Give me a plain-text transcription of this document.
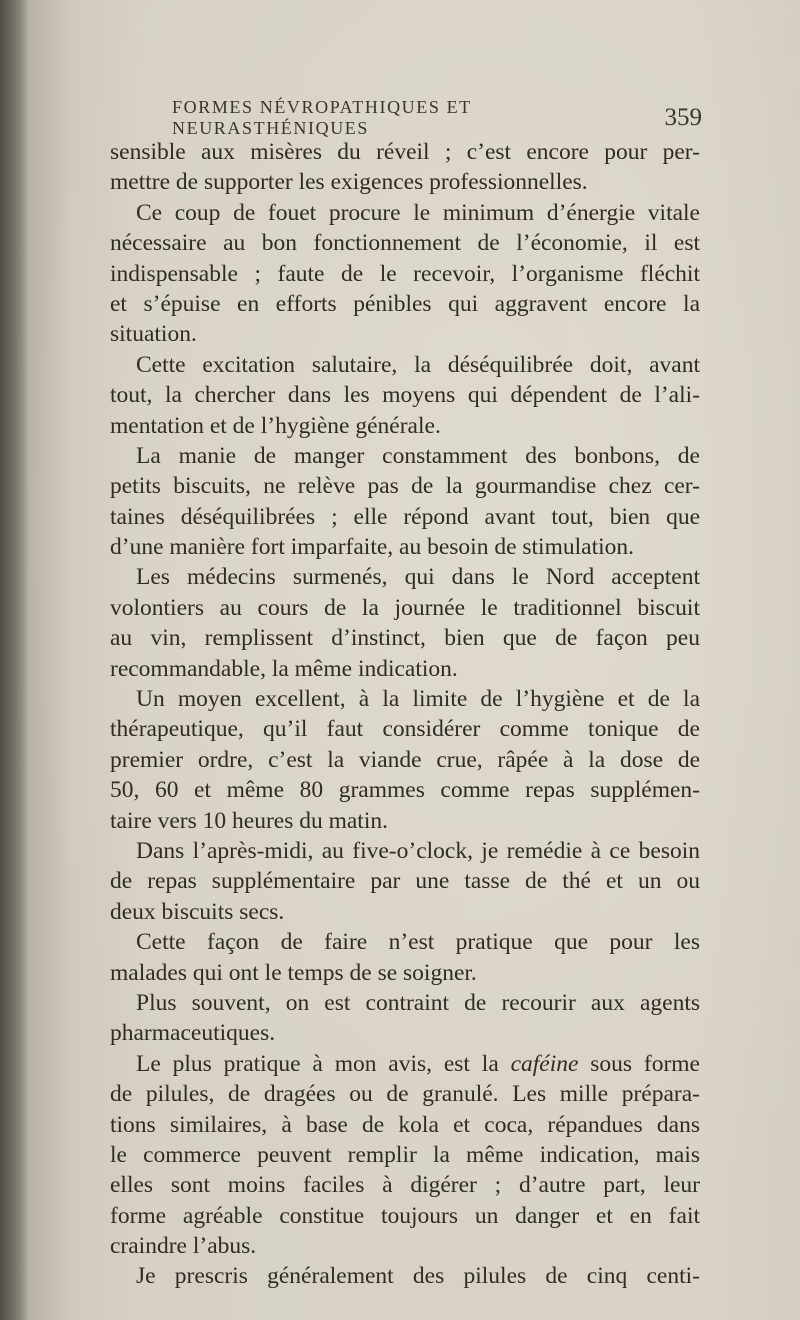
FORMES NÉVROPATHIQUES ET NEURASTHÉNIQUES	359
sensible aux misères du réveil ; c’est encore pour per-
mettre de supporter les exigences professionnelles.
Ce coup de fouet procure le minimum d’énergie vitale
nécessaire au bon fonctionnement de l’économie, il est
indispensable ; faute de le recevoir, l’organisme fléchit
et s’épuise en efforts pénibles qui aggravent encore la
situation.
Cette excitation salutaire, la déséquilibrée doit, avant
tout, la chercher dans les moyens qui dépendent de l’ali-
mentation et de l’hygiène générale.
La manie de manger constamment des bonbons, de
petits biscuits, ne relève pas de la gourmandise chez cer-
taines déséquilibrées ; elle répond avant tout, bien que
d’une manière fort imparfaite, au besoin de stimulation.
Les médecins surmenés, qui dans le Nord acceptent
volontiers au cours de la journée le traditionnel biscuit
au vin, remplissent d’instinct, bien que de façon peu
recommandable, la même indication.
Un moyen excellent, à la limite de l’hygiène et de la
thérapeutique, qu’il faut considérer comme tonique de
premier ordre, c’est la viande crue, râpée à la dose de
50, 60 et même 80 grammes comme repas supplémen-
taire vers 10 heures du matin.
Dans l’après-midi, au five-o’clock, je remédie à ce besoin
de repas supplémentaire par une tasse de thé et un ou
deux biscuits secs.
Cette façon de faire n’est pratique que pour les
malades qui ont le temps de se soigner.
Plus souvent, on est contraint de recourir aux agents
pharmaceutiques.
Le plus pratique à mon avis, est la caféine sous forme
de pilules, de dragées ou de granulé. Les mille prépara-
tions similaires, à base de kola et coca, répandues dans
le commerce peuvent remplir la même indication, mais
elles sont moins faciles à digérer ; d’autre part, leur
forme agréable constitue toujours un danger et en fait
craindre l’abus.
Je prescris généralement des pilules de cinq centi-
